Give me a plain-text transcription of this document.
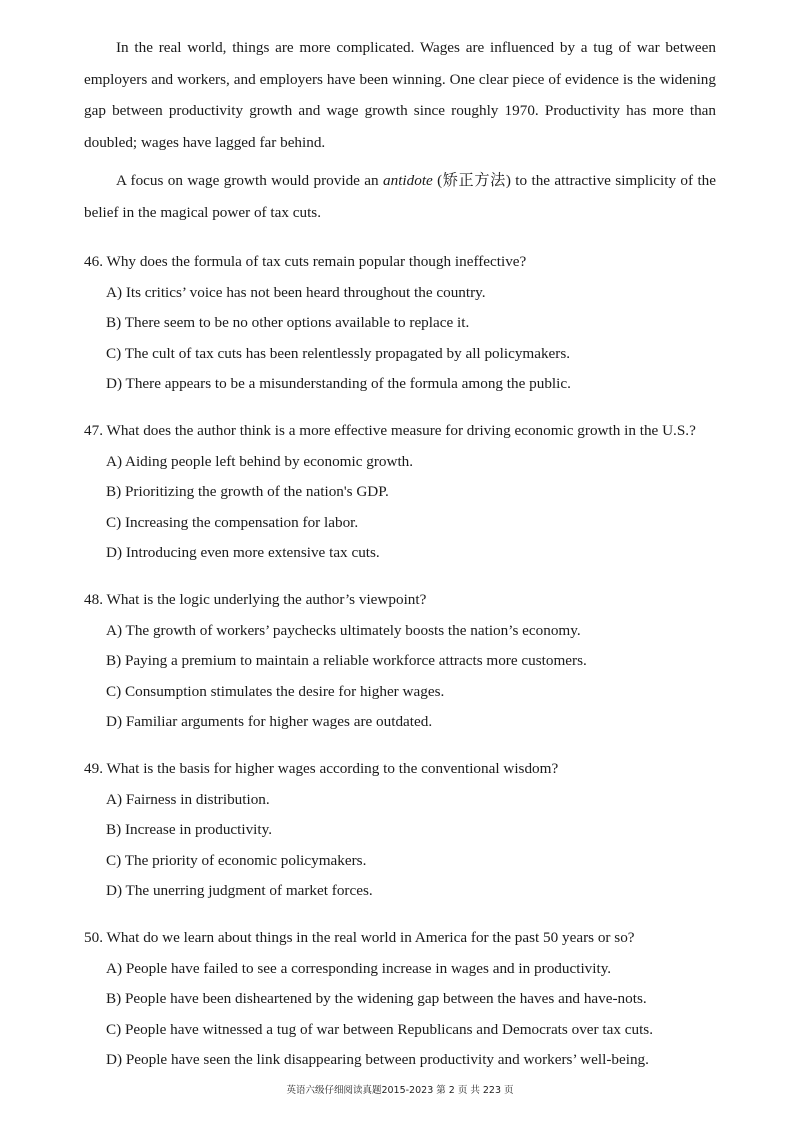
In the real world, things are more complicated. Wages are influenced by a tug of war between employers and workers, and employers have been winning. One clear piece of evidence is the widening gap between productivity growth and wage growth since roughly 1970. Productivity has more than doubled; wages have lagged far behind.

A focus on wage growth would provide an antidote (矫正方法) to the attractive simplicity of the belief in the magical power of tax cuts.

46. Why does the formula of tax cuts remain popular though ineffective?
A) Its critics’ voice has not been heard throughout the country.
B) There seem to be no other options available to replace it.
C) The cult of tax cuts has been relentlessly propagated by all policymakers.
D) There appears to be a misunderstanding of the formula among the public.
47. What does the author think is a more effective measure for driving economic growth in the U.S.?
A) Aiding people left behind by economic growth.
B) Prioritizing the growth of the nation's GDP.
C) Increasing the compensation for labor.
D) Introducing even more extensive tax cuts.
48. What is the logic underlying the author’s viewpoint?
A) The growth of workers’ paychecks ultimately boosts the nation’s economy.
B) Paying a premium to maintain a reliable workforce attracts more customers.
C) Consumption stimulates the desire for higher wages.
D) Familiar arguments for higher wages are outdated.
49. What is the basis for higher wages according to the conventional wisdom?
A) Fairness in distribution.
B) Increase in productivity.
C) The priority of economic policymakers.
D) The unerring judgment of market forces.
50. What do we learn about things in the real world in America for the past 50 years or so?
A) People have failed to see a corresponding increase in wages and in productivity.
B) People have been disheartened by the widening gap between the haves and have-nots.
C) People have witnessed a tug of war between Republicans and Democrats over tax cuts.
D) People have seen the link disappearing between productivity and workers’ well-being.
英语六级仔细阅读真题2015-2023 第 2 页 共 223 页
